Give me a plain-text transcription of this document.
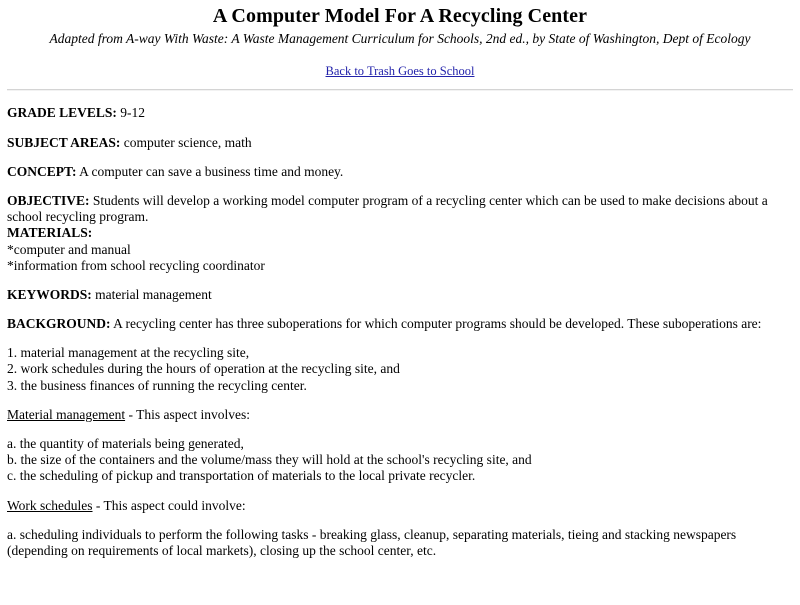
A Computer Model For A Recycling Center
Adapted from A-way With Waste: A Waste Management Curriculum for Schools, 2nd ed., by State of Washington, Dept of Ecology
Back to Trash Goes to School

GRADE LEVELS: 9-12

SUBJECT AREAS: computer science, math

CONCEPT: A computer can save a business time and money.

OBJECTIVE: Students will develop a working model computer program of a recycling center which can be used to make decisions about a school recycling program.

MATERIALS:
*computer and manual
*information from school recycling coordinator

KEYWORDS: material management

BACKGROUND: A recycling center has three suboperations for which computer programs should be developed. These suboperations are:

1. material management at the recycling site,
2. work schedules during the hours of operation at the recycling site, and
3. the business finances of running the recycling center.

Material management - This aspect involves:

a. the quantity of materials being generated,
b. the size of the containers and the volume/mass they will hold at the school's recycling site, and
c. the scheduling of pickup and transportation of materials to the local private recycler.

Work schedules - This aspect could involve:

a. scheduling individuals to perform the following tasks - breaking glass, cleanup, separating materials, tieing and stacking newspapers (depending on requirements of local markets), closing up the school center, etc.
